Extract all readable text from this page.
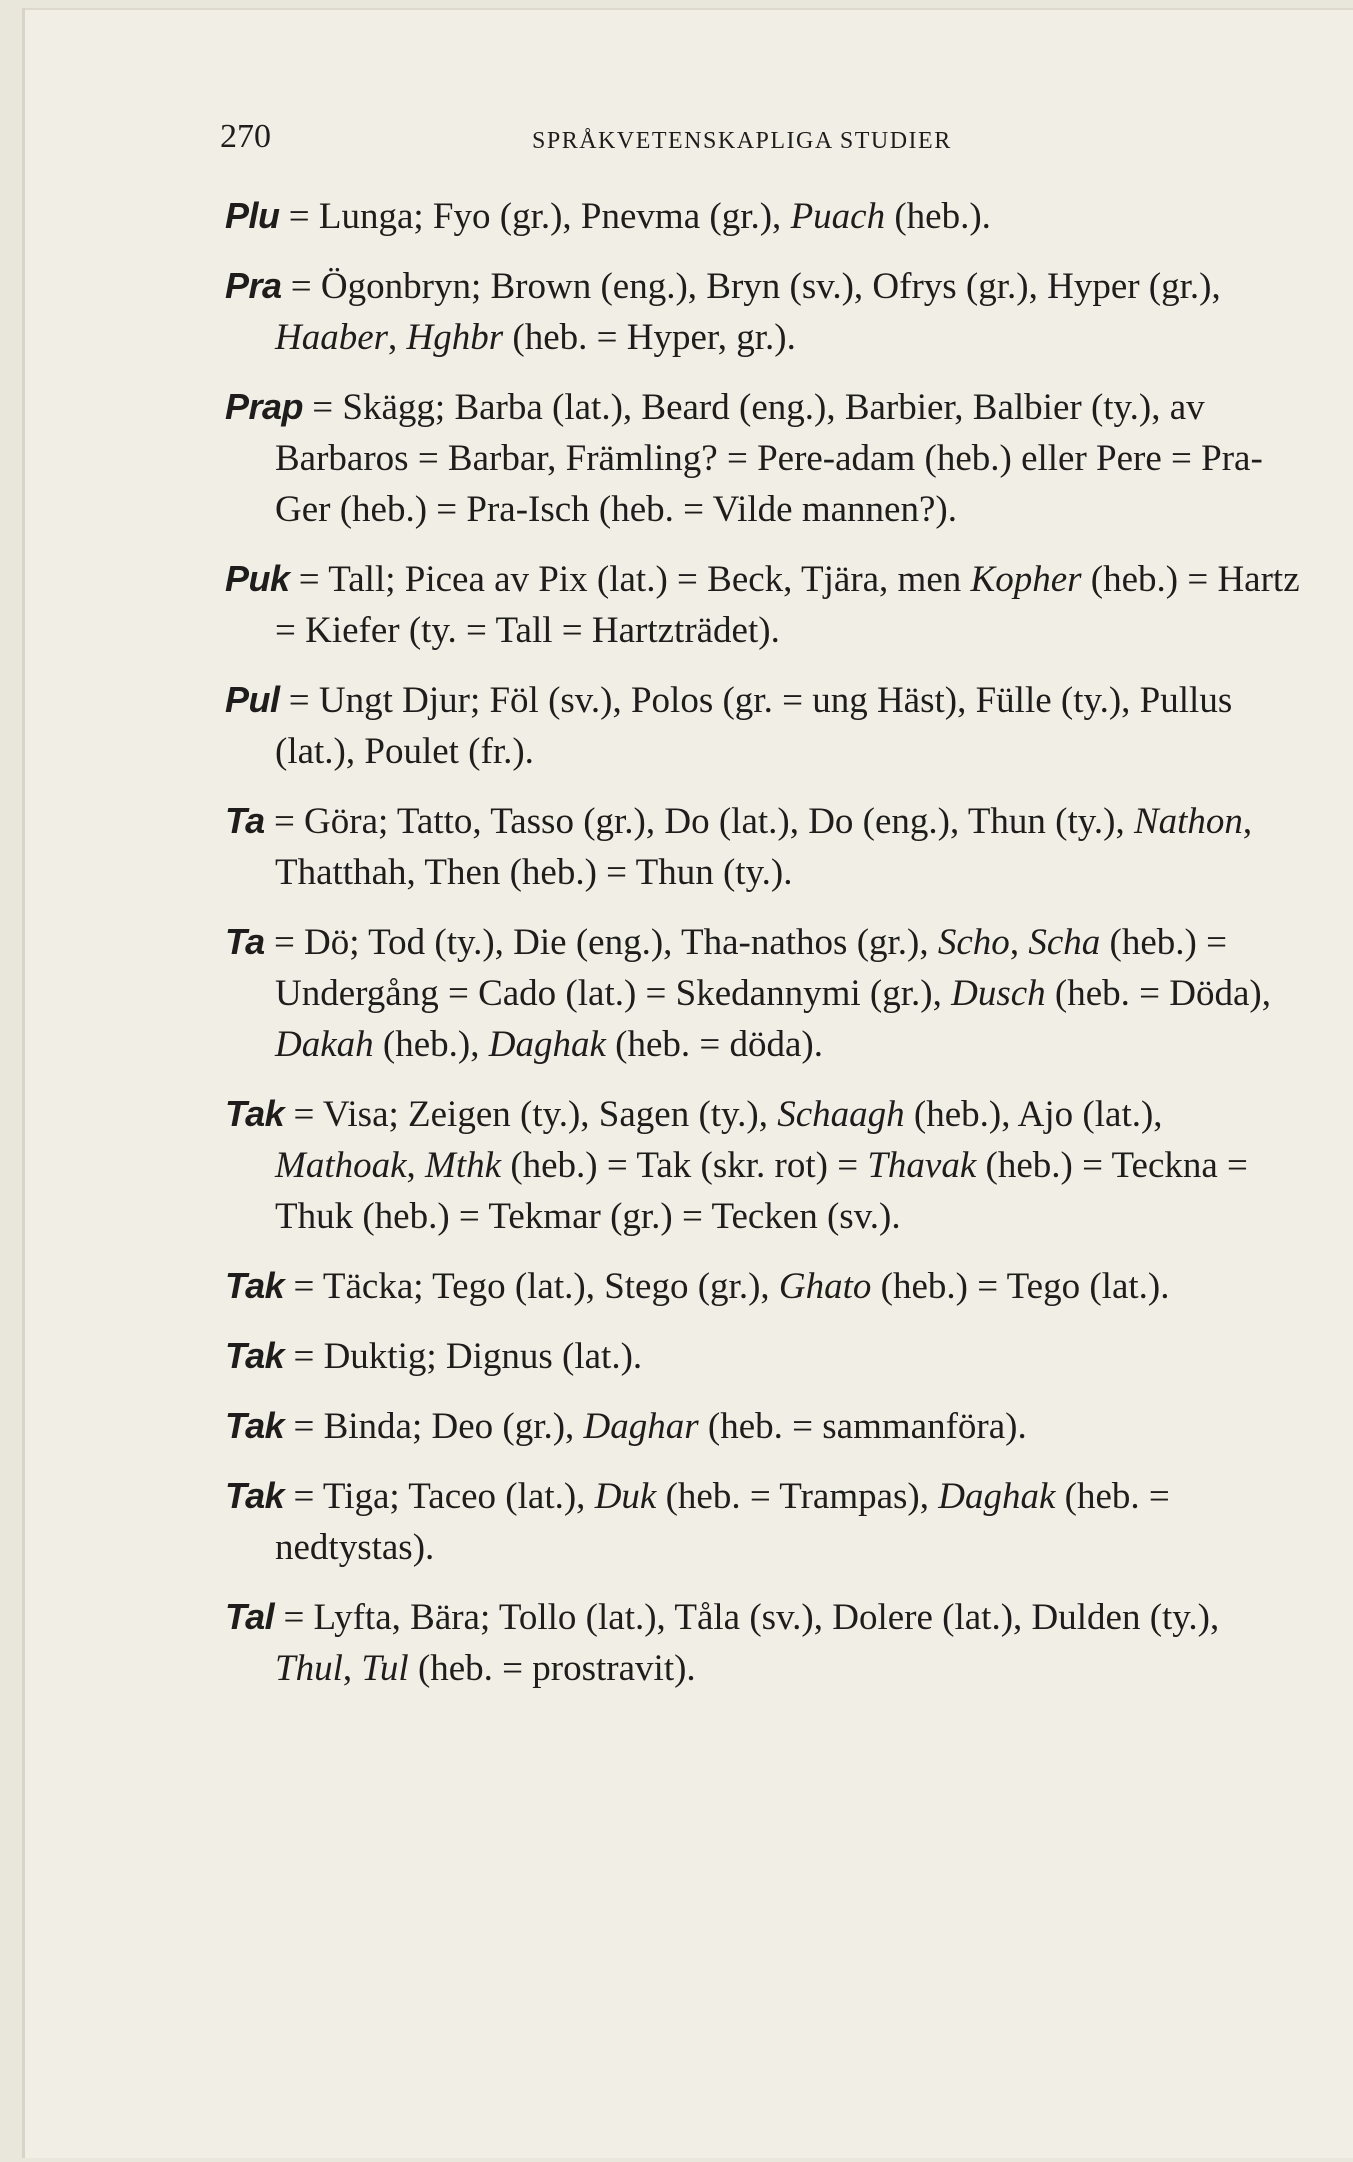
270	SPRÅKVETENSKAPLIGA STUDIER

Plu = Lunga; Fyo (gr.), Pnevma (gr.), Puach (heb.).

Pra = Ögonbryn; Brown (eng.), Bryn (sv.), Ofrys (gr.), Hyper (gr.), Haaber, Hghbr (heb. = Hyper, gr.).

Prap = Skägg; Barba (lat.), Beard (eng.), Barbier, Balbier (ty.), av Barbaros = Barbar, Främling? = Pere-adam (heb.) eller Pere = Pra-Ger (heb.) = Pra-Isch (heb. = Vilde mannen?).

Puk = Tall; Picea av Pix (lat.) = Beck, Tjära, men Kopher (heb.) = Hartz = Kiefer (ty. = Tall = Hartzträdet).

Pul = Ungt Djur; Föl (sv.), Polos (gr. = ung Häst), Fülle (ty.), Pullus (lat.), Poulet (fr.).

Ta = Göra; Tatto, Tasso (gr.), Do (lat.), Do (eng.), Thun (ty.), Nathon, Thatthah, Then (heb.) = Thun (ty.).

Ta = Dö; Tod (ty.), Die (eng.), Tha-nathos (gr.), Scho, Scha (heb.) = Undergång = Cado (lat.) = Skedannymi (gr.), Dusch (heb. = Döda), Dakah (heb.), Daghak (heb. = döda).

Tak = Visa; Zeigen (ty.), Sagen (ty.), Schaagh (heb.), Ajo (lat.), Mathoak, Mthk (heb.) = Tak (skr. rot) = Thavak (heb.) = Teckna = Thuk (heb.) = Tekmar (gr.) = Tecken (sv.).

Tak = Täcka; Tego (lat.), Stego (gr.), Ghato (heb.) = Tego (lat.).

Tak = Duktig; Dignus (lat.).

Tak = Binda; Deo (gr.), Daghar (heb. = sammanföra).

Tak = Tiga; Taceo (lat.), Duk (heb. = Trampas), Daghak (heb. = nedtystas).

Tal = Lyfta, Bära; Tollo (lat.), Tåla (sv.), Dolere (lat.), Dulden (ty.), Thul, Tul (heb. = prostravit).
